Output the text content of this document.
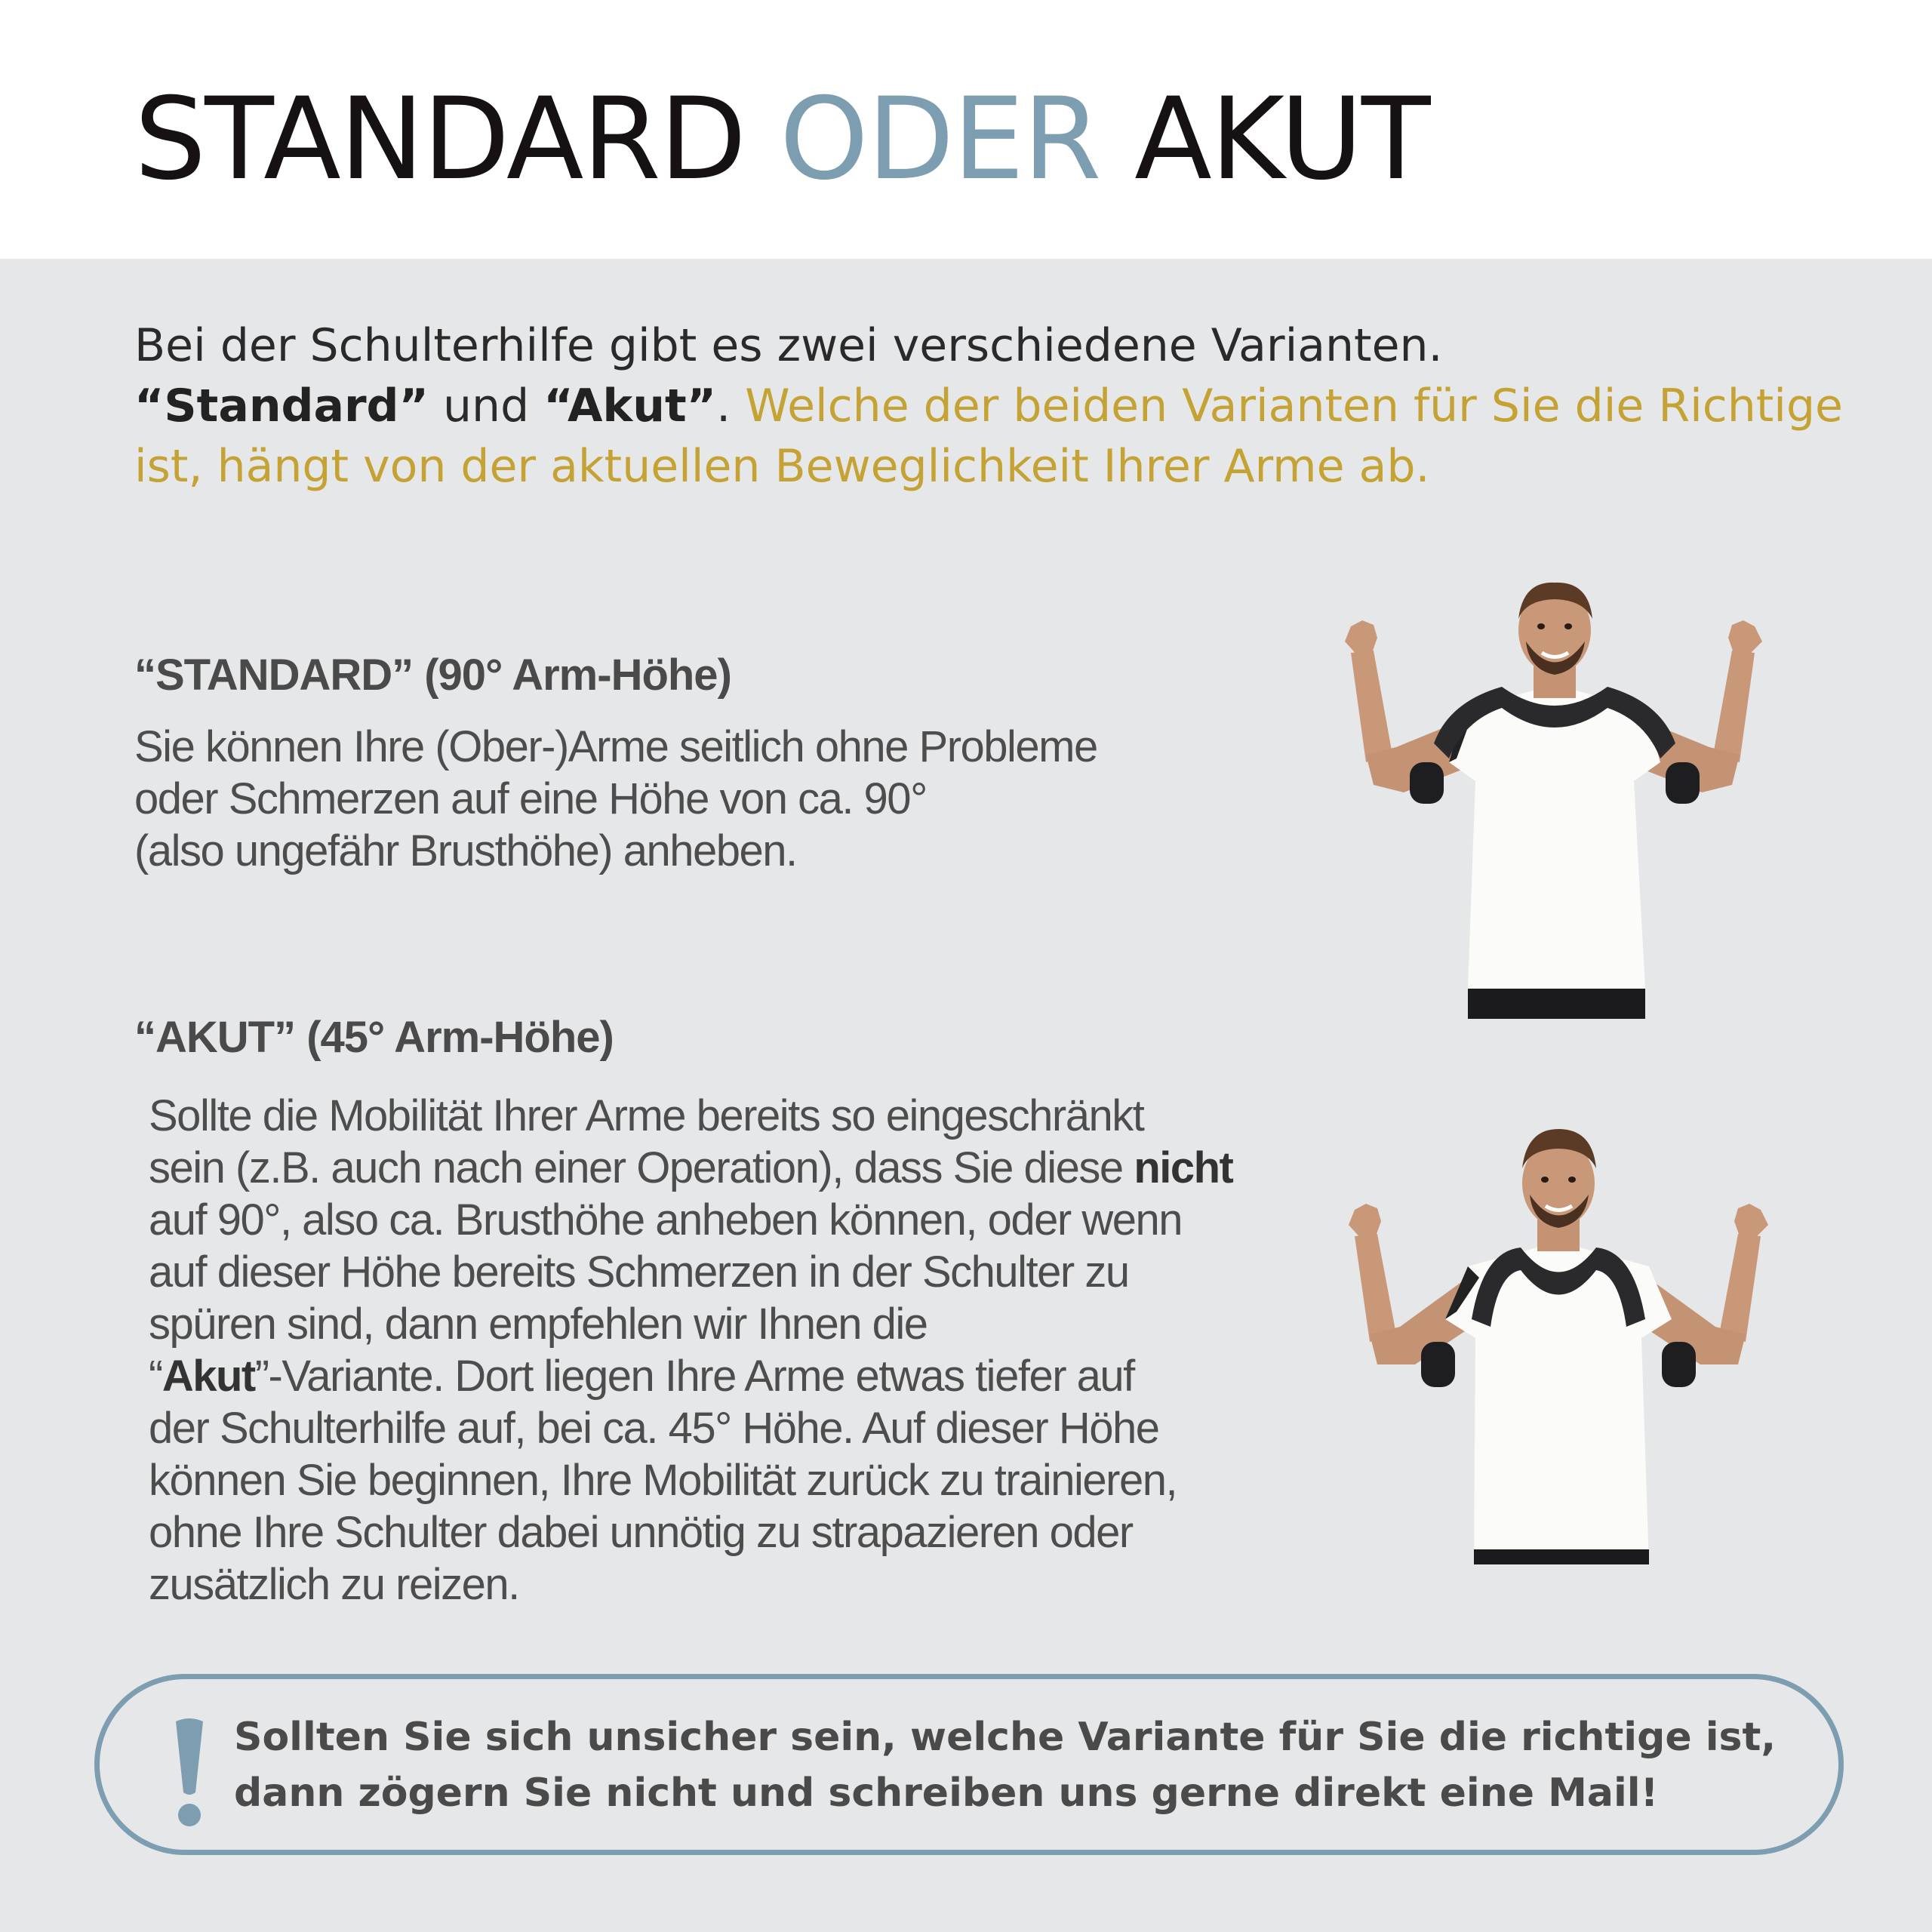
STANDARD ODER AKUT

Bei der Schulterhilfe gibt es zwei verschiedene Varianten.
“Standard” und “Akut”. Welche der beiden Varianten für Sie die Richtige ist, hängt von der aktuellen Beweglichkeit Ihrer Arme ab.

“STANDARD” (90° Arm-Höhe)

Sie können Ihre (Ober-)Arme seitlich ohne Probleme
oder Schmerzen auf eine Höhe von ca. 90°
(also ungefähr Brusthöhe) anheben.

“AKUT” (45° Arm-Höhe)

Sollte die Mobilität Ihrer Arme bereits so eingeschränkt
sein (z.B. auch nach einer Operation), dass Sie diese nicht
auf 90°, also ca. Brusthöhe anheben können, oder wenn
auf dieser Höhe bereits Schmerzen in der Schulter zu
spüren sind, dann empfehlen wir Ihnen die
“Akut”-Variante. Dort liegen Ihre Arme etwas tiefer auf
der Schulterhilfe auf, bei ca. 45° Höhe. Auf dieser Höhe
können Sie beginnen, Ihre Mobilität zurück zu trainieren,
ohne Ihre Schulter dabei unnötig zu strapazieren oder
zusätzlich zu reizen.

Sollten Sie sich unsicher sein, welche Variante für Sie die richtige ist,
dann zögern Sie nicht und schreiben uns gerne direkt eine Mail!
